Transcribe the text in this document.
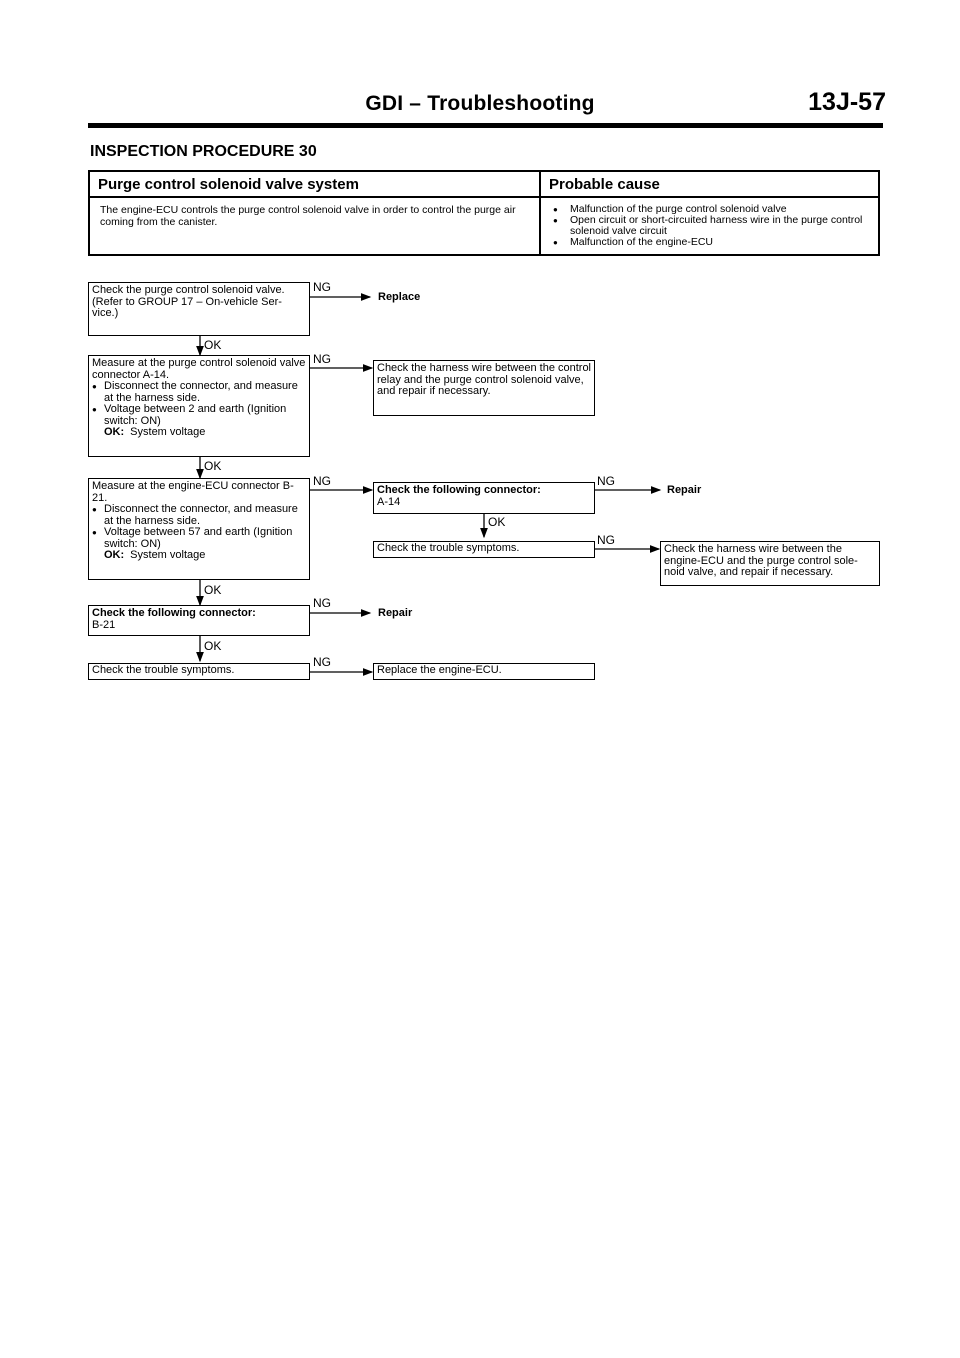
GDI – Troubleshooting	13J-57
INSPECTION PROCEDURE 30
Purge control solenoid valve system	Probable cause
The engine-ECU controls the purge control solenoid valve in order to control the purge air coming from the canister.
● Malfunction of the purge control solenoid valve
● Open circuit or short-circuited harness wire in the purge control solenoid valve circuit
● Malfunction of the engine-ECU
Check the purge control solenoid valve. (Refer to GROUP 17 – On-vehicle Ser- vice.)
NG
Replace
OK
Measure at the purge control solenoid valve connector A-14.
● Disconnect the connector, and measure at the harness side.
● Voltage between 2 and earth (Ignition switch: ON)
OK: System voltage
NG
Check the harness wire between the control relay and the purge control solenoid valve, and repair if necessary.
OK
Measure at the engine-ECU connector B-21.
● Disconnect the connector, and measure at the harness side.
● Voltage between 57 and earth (Ignition switch: ON)
OK: System voltage
NG
Check the following connector:
A-14
NG
Repair
OK
Check the trouble symptoms.
NG
Check the harness wire between the engine-ECU and the purge control sole- noid valve, and repair if necessary.
OK
Check the following connector:
B-21
NG
Repair
OK
Check the trouble symptoms.
NG
Replace the engine-ECU.
